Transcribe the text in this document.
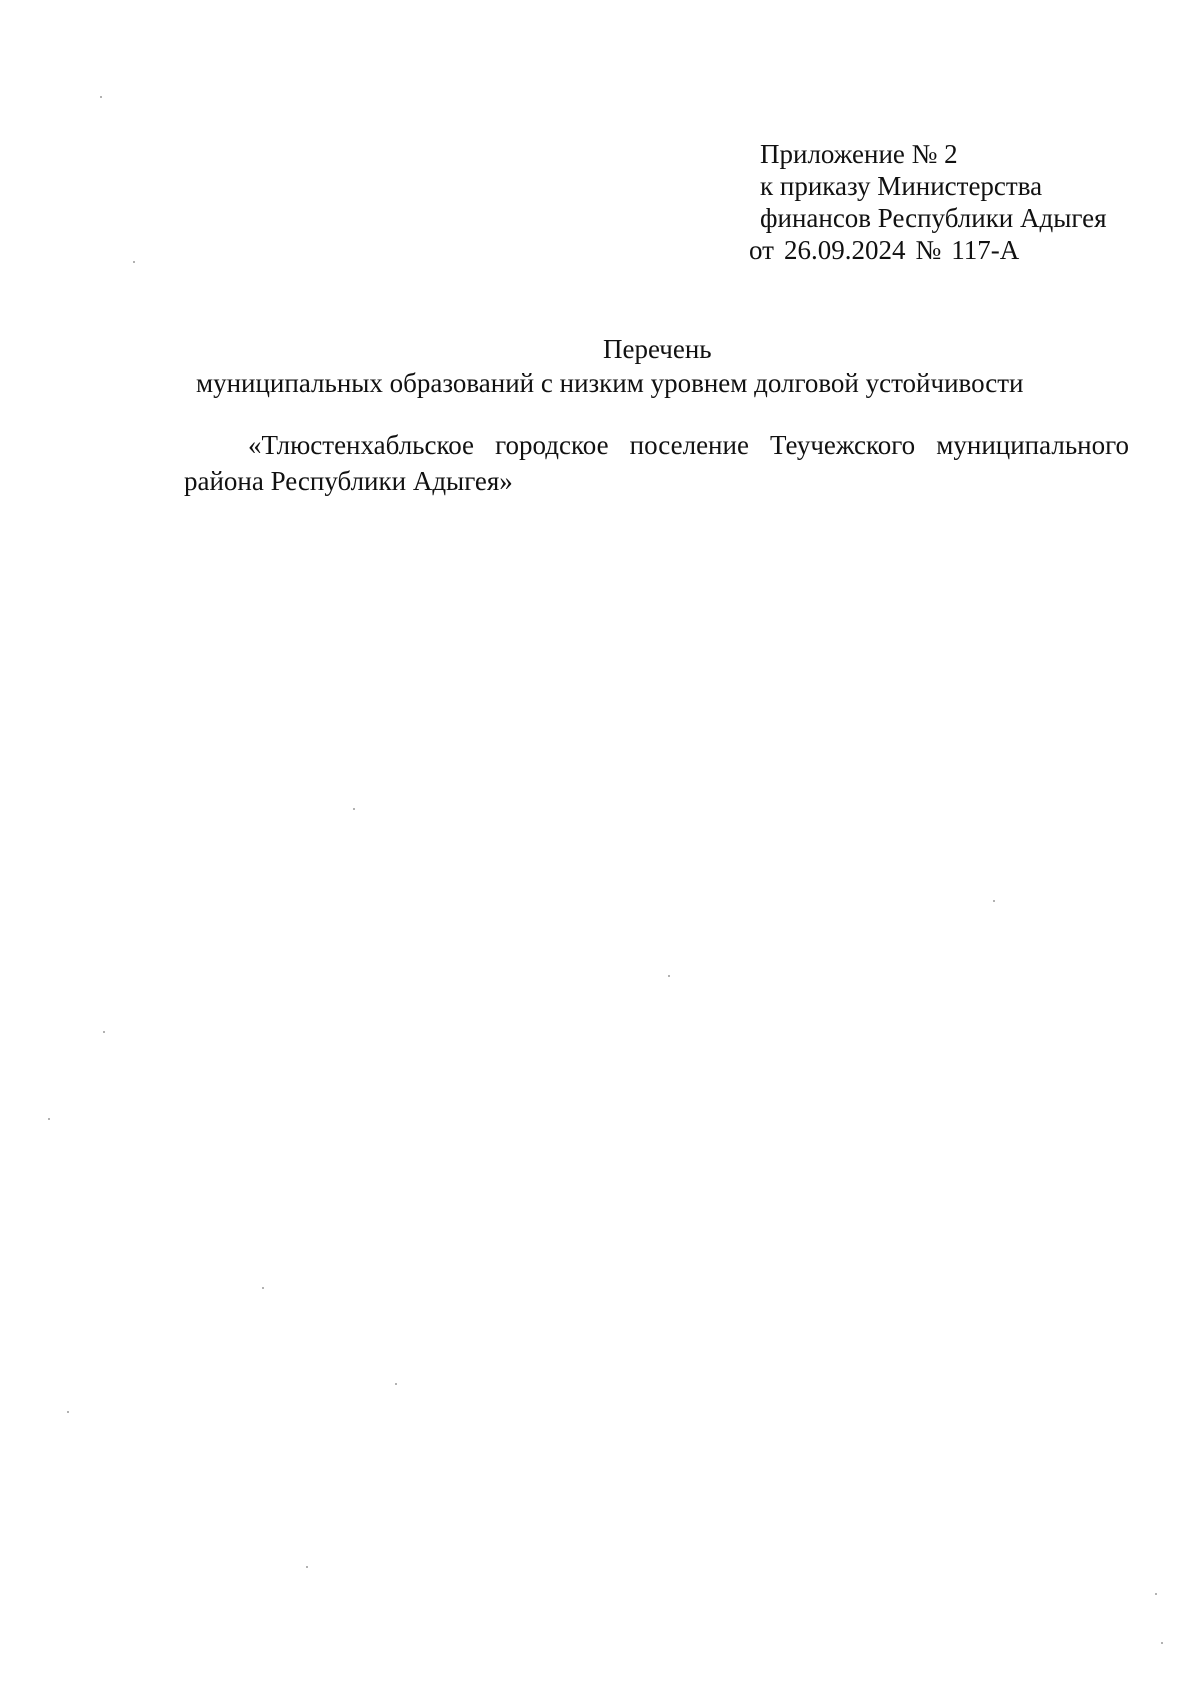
Приложение № 2
к приказу Министерства
финансов Республики Адыгея
от 26.09.2024 № 117-А
Перечень
муниципальных образований с низким уровнем долговой устойчивости
«Тлюстенхабльское городское поселение Теучежского муниципального района Республики Адыгея»
